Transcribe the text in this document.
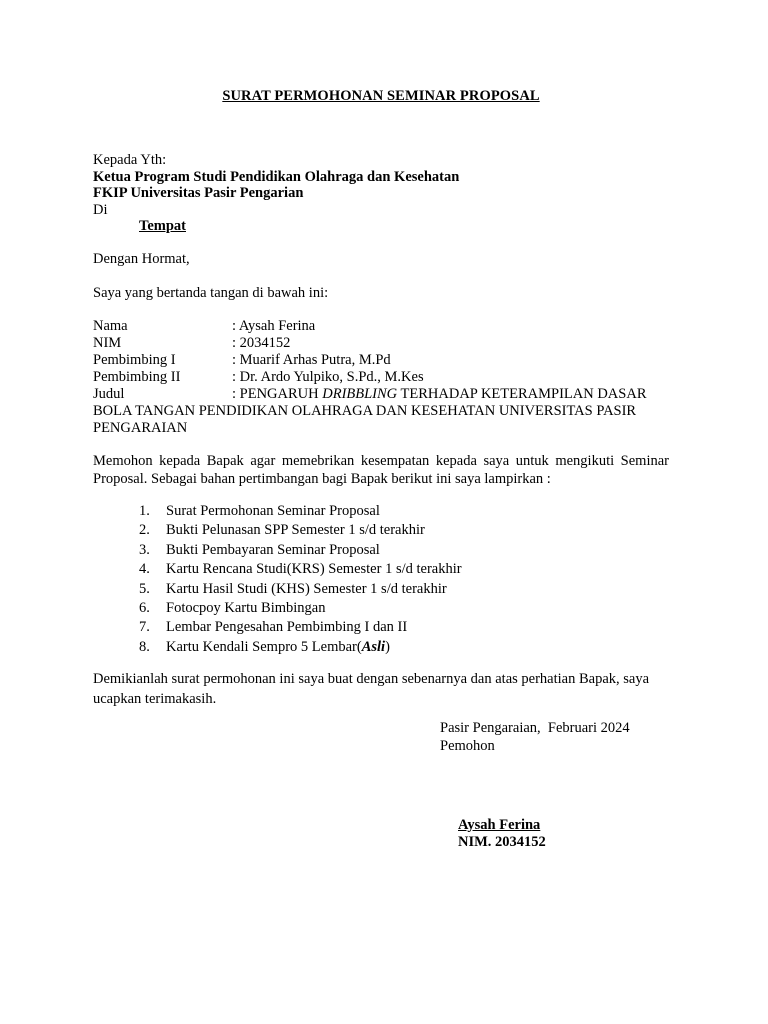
SURAT PERMOHONAN SEMINAR PROPOSAL
Kepada Yth:
Ketua Program Studi Pendidikan Olahraga dan Kesehatan
FKIP Universitas Pasir Pengarian
Di
Tempat
Dengan Hormat,
Saya yang bertanda tangan di bawah ini:
Nama	: Aysah Ferina
NIM	: 2034152
Pembimbing I	: Muarif Arhas Putra, M.Pd
Pembimbing II	: Dr. Ardo Yulpiko, S.Pd., M.Kes
Judul	: PENGARUH DRIBBLING TERHADAP KETERAMPILAN DASAR
BOLA TANGAN PENDIDIKAN OLAHRAGA DAN KESEHATAN UNIVERSITAS PASIR
PENGARAIAN
Memohon kepada Bapak agar memebrikan kesempatan kepada saya untuk mengikuti Seminar Proposal. Sebagai bahan pertimbangan bagi Bapak berikut ini saya lampirkan :
1. Surat Permohonan Seminar Proposal
2. Bukti Pelunasan SPP Semester 1 s/d terakhir
3. Bukti Pembayaran Seminar Proposal
4. Kartu Rencana Studi(KRS) Semester 1 s/d terakhir
5. Kartu Hasil Studi (KHS) Semester 1 s/d terakhir
6. Fotocpoy Kartu Bimbingan
7. Lembar Pengesahan Pembimbing I dan II
8. Kartu Kendali Sempro 5 Lembar(Asli)
Demikianlah surat permohonan ini saya buat dengan sebenarnya dan atas perhatian Bapak, saya ucapkan terimakasih.
Pasir Pengaraian,  Februari 2024
Pemohon
Aysah Ferina
NIM. 2034152
